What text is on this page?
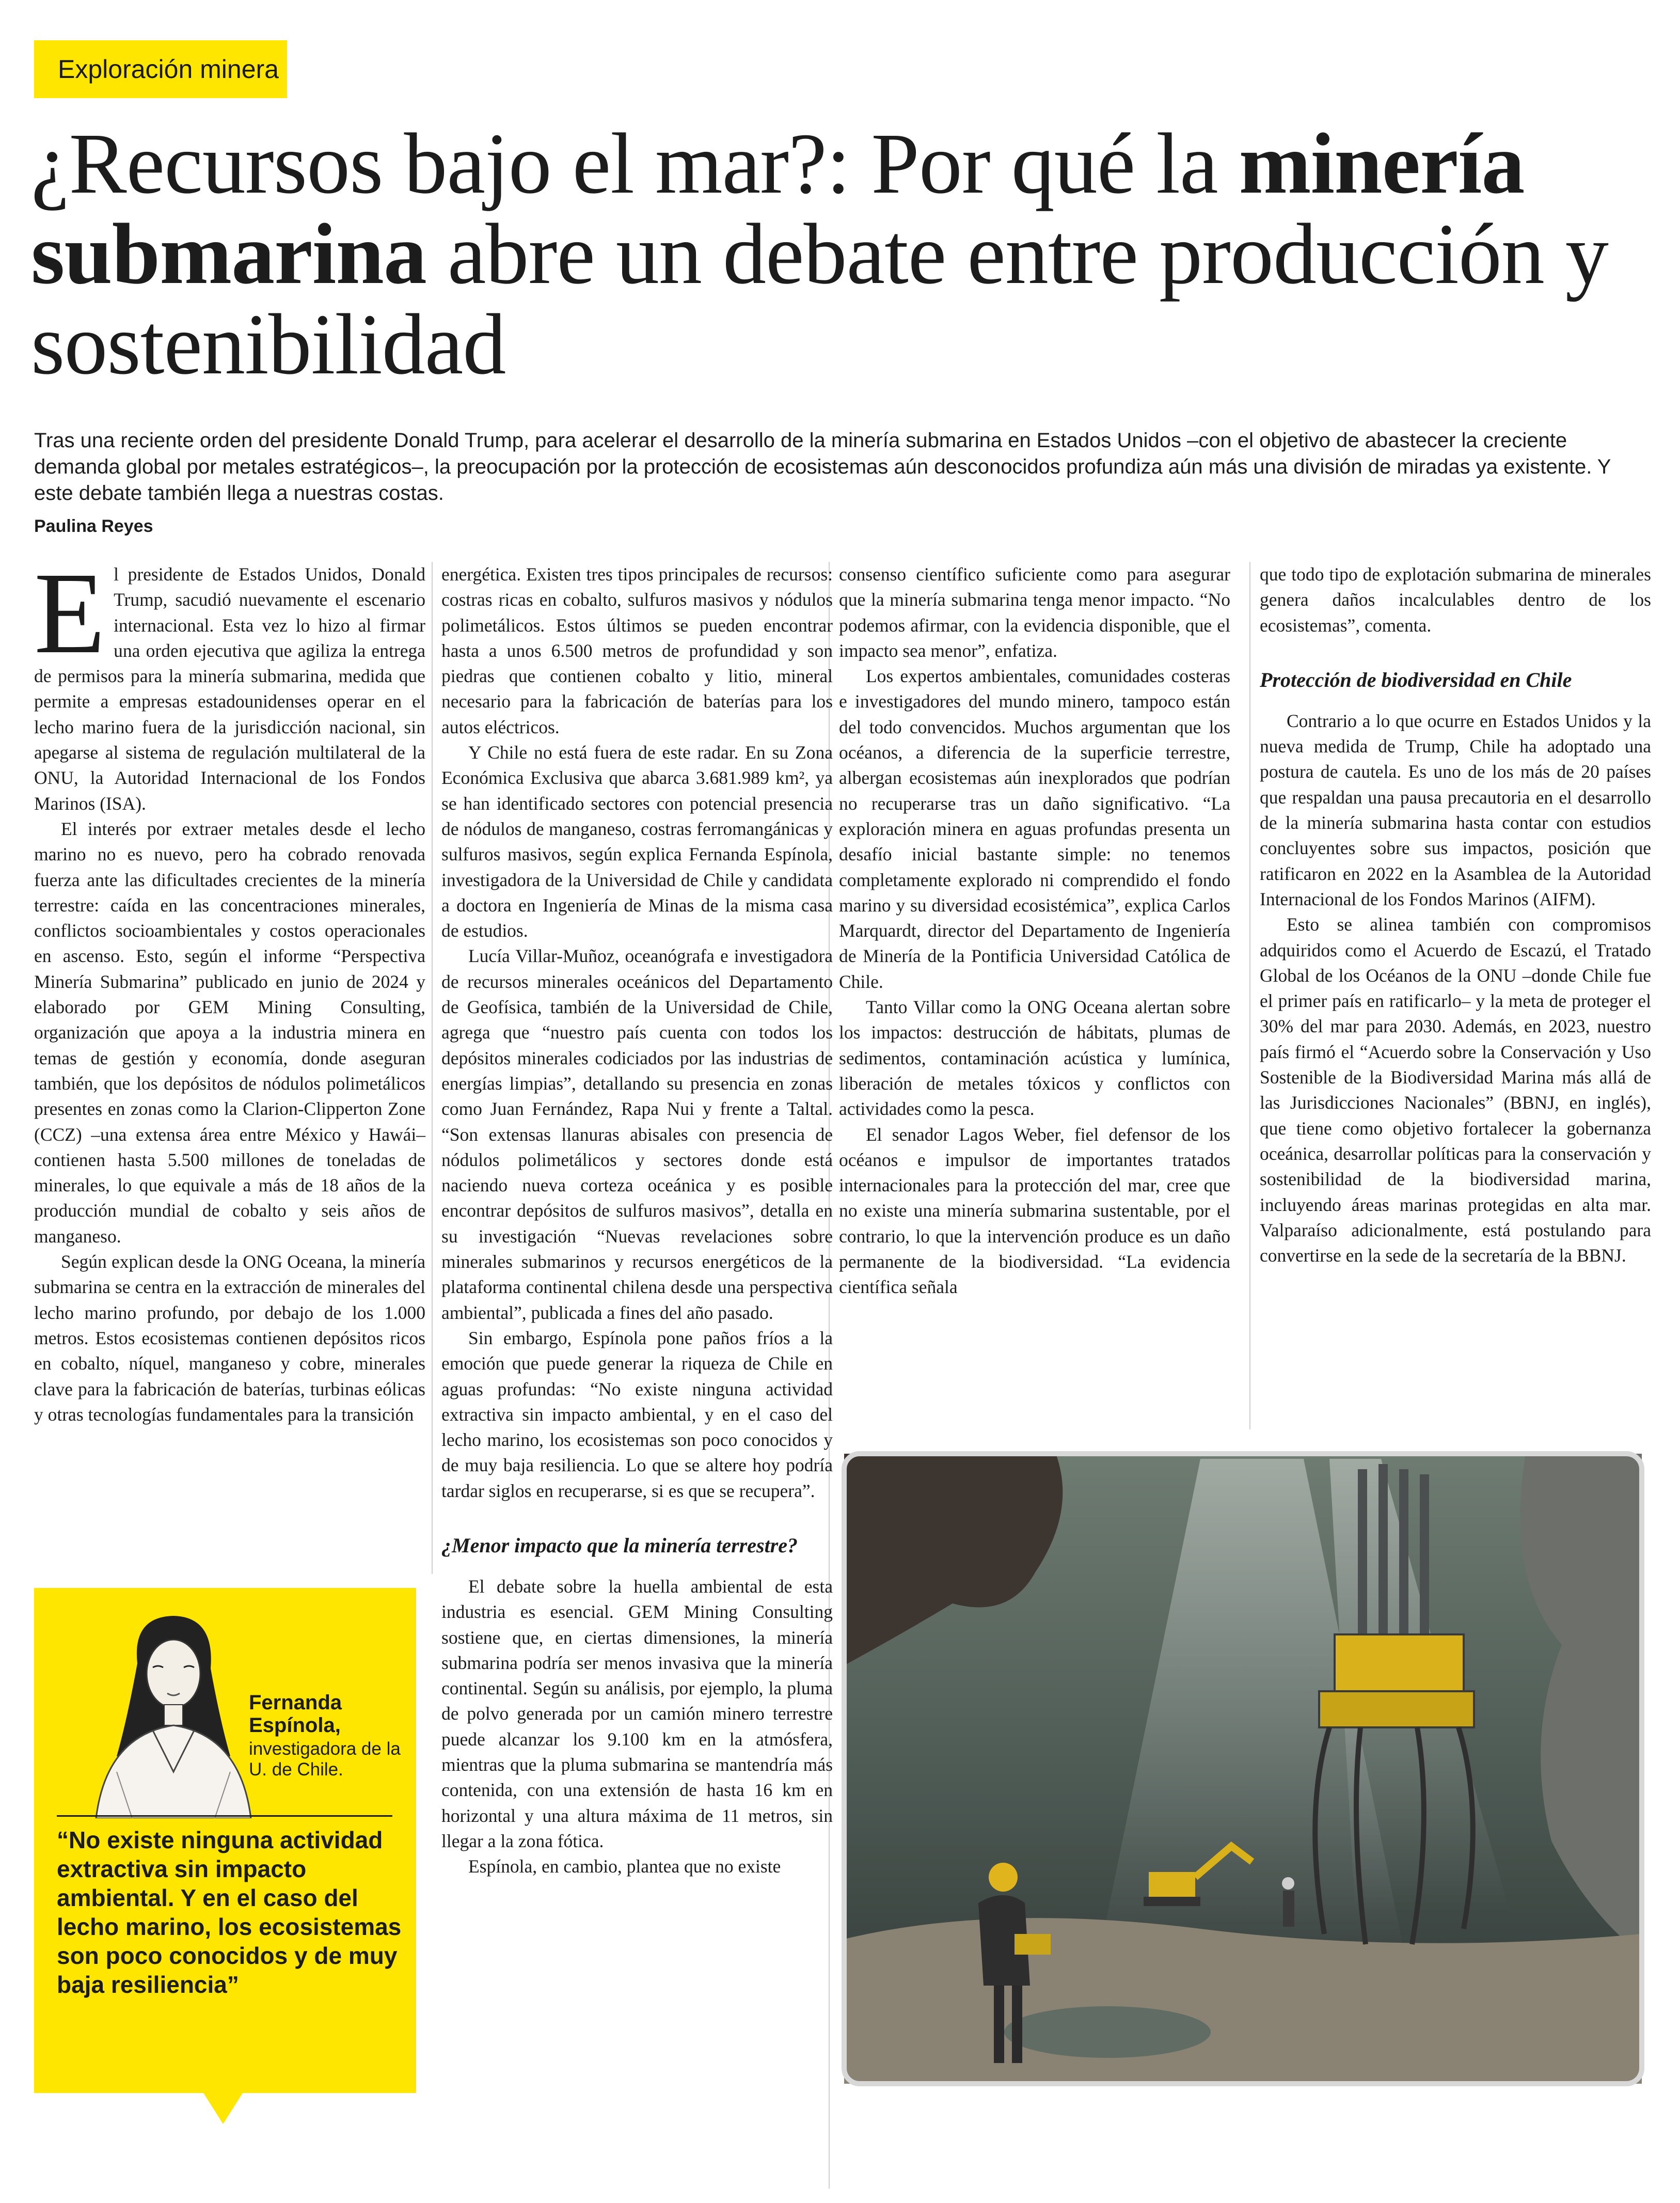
Exploración minera
¿Recursos bajo el mar?: Por qué la minería submarina abre un debate entre producción y sostenibilidad

Tras una reciente orden del presidente Donald Trump, para acelerar el desarrollo de la minería submarina en Estados Unidos –con el objetivo de abastecer la creciente demanda global por metales estratégicos–, la preocupación por la protección de ecosistemas aún desconocidos profundiza aún más una división de miradas ya existente. Y este debate también llega a nuestras costas.

Paulina Reyes

El presidente de Estados Unidos, Donald Trump, sacudió nuevamente el escenario internacional. Esta vez lo hizo al firmar una orden ejecutiva que agiliza la entrega de permisos para la minería submarina, medida que permite a empresas estadounidenses operar en el lecho marino fuera de la jurisdicción nacional, sin apegarse al sistema de regulación multilateral de la ONU, la Autoridad Internacional de los Fondos Marinos (ISA).

El interés por extraer metales desde el lecho marino no es nuevo, pero ha cobrado renovada fuerza ante las dificultades crecientes de la minería terrestre: caída en las concentraciones minerales, conflictos socioambientales y costos operacionales en ascenso. Esto, según el informe “Perspectiva Minería Submarina” publicado en junio de 2024 y elaborado por GEM Mining Consulting, organización que apoya a la industria minera en temas de gestión y economía, donde aseguran también, que los depósitos de nódulos polimetálicos presentes en zonas como la Clarion-Clipperton Zone (CCZ) –una extensa área entre México y Hawái– contienen hasta 5.500 millones de toneladas de minerales, lo que equivale a más de 18 años de la producción mundial de cobalto y seis años de manganeso.

Según explican desde la ONG Oceana, la minería submarina se centra en la extracción de minerales del lecho marino profundo, por debajo de los 1.000 metros. Estos ecosistemas contienen depósitos ricos en cobalto, níquel, manganeso y cobre, minerales clave para la fabricación de baterías, turbinas eólicas y otras tecnologías fundamentales para la transición

energética. Existen tres tipos principales de recursos: costras ricas en cobalto, sulfuros masivos y nódulos polimetálicos. Estos últimos se pueden encontrar hasta a unos 6.500 metros de profundidad y son piedras que contienen cobalto y litio, mineral necesario para la fabricación de baterías para los autos eléctricos.

Y Chile no está fuera de este radar. En su Zona Económica Exclusiva que abarca 3.681.989 km², ya se han identificado sectores con potencial presencia de nódulos de manganeso, costras ferromangánicas y sulfuros masivos, según explica Fernanda Espínola, investigadora de la Universidad de Chile y candidata a doctora en Ingeniería de Minas de la misma casa de estudios.

Lucía Villar-Muñoz, oceanógrafa e investigadora de recursos minerales oceánicos del Departamento de Geofísica, también de la Universidad de Chile, agrega que “nuestro país cuenta con todos los depósitos minerales codiciados por las industrias de energías limpias”, detallando su presencia en zonas como Juan Fernández, Rapa Nui y frente a Taltal. “Son extensas llanuras abisales con presencia de nódulos polimetálicos y sectores donde está naciendo nueva corteza oceánica y es posible encontrar depósitos de sulfuros masivos”, detalla en su investigación “Nuevas revelaciones sobre minerales submarinos y recursos energéticos de la plataforma continental chilena desde una perspectiva ambiental”, publicada a fines del año pasado.

Sin embargo, Espínola pone paños fríos a la emoción que puede generar la riqueza de Chile en aguas profundas: “No existe ninguna actividad extractiva sin impacto ambiental, y en el caso del lecho marino, los ecosistemas son poco conocidos y de muy baja resiliencia. Lo que se altere hoy podría tardar siglos en recuperarse, si es que se recupera”.

¿Menor impacto que la minería terrestre?

El debate sobre la huella ambiental de esta industria es esencial. GEM Mining Consulting sostiene que, en ciertas dimensiones, la minería submarina podría ser menos invasiva que la minería continental. Según su análisis, por ejemplo, la pluma de polvo generada por un camión minero terrestre puede alcanzar los 9.100 km en la atmósfera, mientras que la pluma submarina se mantendría más contenida, con una extensión de hasta 16 km en horizontal y una altura máxima de 11 metros, sin llegar a la zona fótica.

Espínola, en cambio, plantea que no existe

consenso científico suficiente como para asegurar que la minería submarina tenga menor impacto. “No podemos afirmar, con la evidencia disponible, que el impacto sea menor”, enfatiza.

Los expertos ambientales, comunidades costeras e investigadores del mundo minero, tampoco están del todo convencidos. Muchos argumentan que los océanos, a diferencia de la superficie terrestre, albergan ecosistemas aún inexplorados que podrían no recuperarse tras un daño significativo. “La exploración minera en aguas profundas presenta un desafío inicial bastante simple: no tenemos completamente explorado ni comprendido el fondo marino y su diversidad ecosistémica”, explica Carlos Marquardt, director del Departamento de Ingeniería de Minería de la Pontificia Universidad Católica de Chile.

Tanto Villar como la ONG Oceana alertan sobre los impactos: destrucción de hábitats, plumas de sedimentos, contaminación acústica y lumínica, liberación de metales tóxicos y conflictos con actividades como la pesca.

El senador Lagos Weber, fiel defensor de los océanos e impulsor de importantes tratados internacionales para la protección del mar, cree que no existe una minería submarina sustentable, por el contrario, lo que la intervención produce es un daño permanente de la biodiversidad. “La evidencia científica señala

que todo tipo de explotación submarina de minerales genera daños incalculables dentro de los ecosistemas”, comenta.

Protección de biodiversidad en Chile

Contrario a lo que ocurre en Estados Unidos y la nueva medida de Trump, Chile ha adoptado una postura de cautela. Es uno de los más de 20 países que respaldan una pausa precautoria en el desarrollo de la minería submarina hasta contar con estudios concluyentes sobre sus impactos, posición que ratificaron en 2022 en la Asamblea de la Autoridad Internacional de los Fondos Marinos (AIFM).

Esto se alinea también con compromisos adquiridos como el Acuerdo de Escazú, el Tratado Global de los Océanos de la ONU –donde Chile fue el primer país en ratificarlo– y la meta de proteger el 30% del mar para 2030. Además, en 2023, nuestro país firmó el “Acuerdo sobre la Conservación y Uso Sostenible de la Biodiversidad Marina más allá de las Jurisdicciones Nacionales” (BBNJ, en inglés), que tiene como objetivo fortalecer la gobernanza oceánica, desarrollar políticas para la conservación y sostenibilidad de la biodiversidad marina, incluyendo áreas marinas protegidas en alta mar. Valparaíso adicionalmente, está postulando para convertirse en la sede de la secretaría de la BBNJ.

Fernanda Espínola,
investigadora de la U. de Chile.

“No existe ninguna actividad extractiva sin impacto ambiental. Y en el caso del lecho marino, los ecosistemas son poco conocidos y de muy baja resiliencia”
